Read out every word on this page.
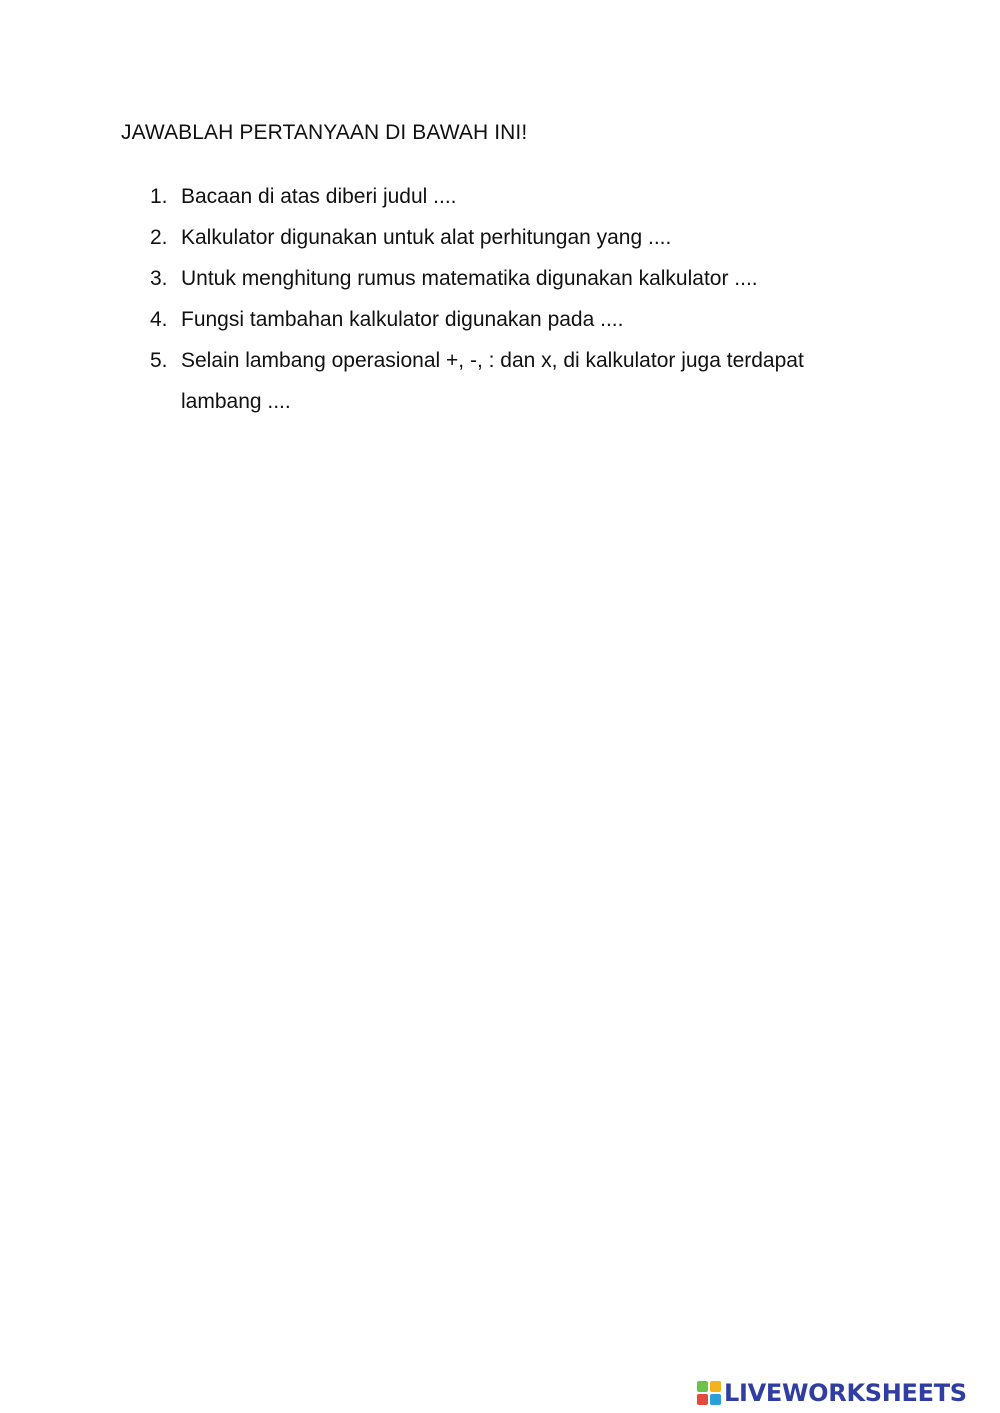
JAWABLAH PERTANYAAN DI BAWAH INI!
1. Bacaan di atas diberi judul ....
2. Kalkulator digunakan untuk alat perhitungan yang ....
3. Untuk menghitung rumus matematika digunakan kalkulator ....
4. Fungsi tambahan kalkulator digunakan pada ....
5. Selain lambang operasional +, -, : dan x, di kalkulator juga terdapat lambang ....
LIVEWORKSHEETS
